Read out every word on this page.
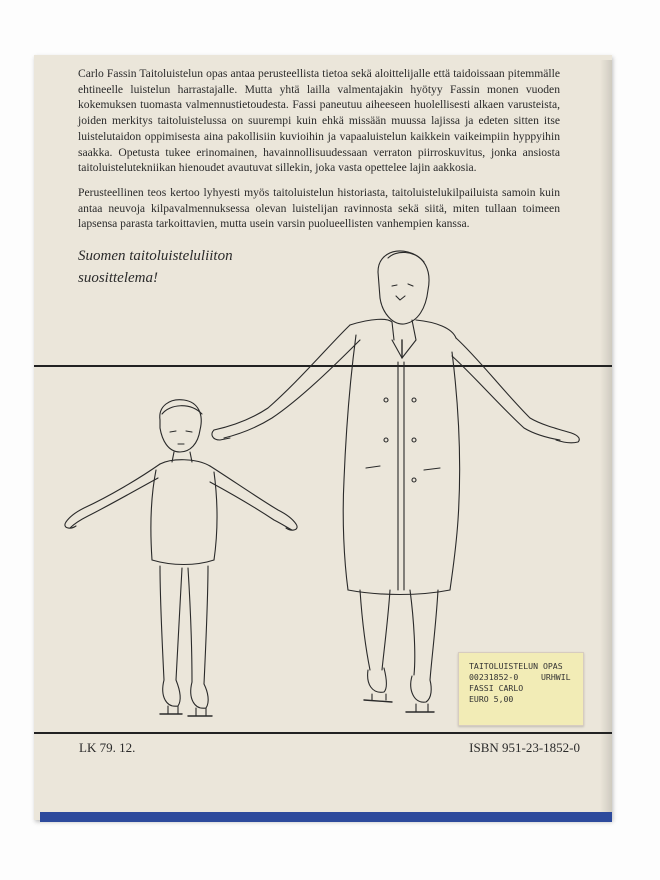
Carlo Fassin Taitoluistelun opas antaa perusteellista tietoa sekä aloittelijalle että taidoissaan pitemmälle ehtineelle luistelun harrastajalle. Mutta yhtä lailla valmentajakin hyötyy Fassin monen vuoden kokemuksen tuomasta valmennustietoudesta. Fassi paneutuu aiheeseen huolellisesti alkaen varusteista, joiden merkitys taitoluistelussa on suurempi kuin ehkä missään muussa lajissa ja edeten sitten itse luistelutaidon oppimisesta aina pakollisiin kuvioihin ja vapaaluistelun kaikkein vaikeimpiin hyppyihin saakka. Opetusta tukee erinomainen, havainnollisuudessaan verraton piirroskuvitus, jonka ansiosta taitoluistelutekniikan hienoudet avautuvat sillekin, joka vasta opettelee lajin aakkosia.

Perusteellinen teos kertoo lyhyesti myös taitoluistelun historiasta, taitoluistelukilpailuista samoin kuin antaa neuvoja kilpavalmennuksessa olevan luistelijan ravinnosta sekä siitä, miten tullaan toimeen lapsensa parasta tarkoittavien, mutta usein varsin puolueellisten vanhempien kanssa.

Suomen taitoluisteluliiton
suosittelema!

TAITOLUISTELUN OPAS
00231852-0
FASSI CARLO
EURO 5,00
URHWIL
LK 79. 12.	ISBN 951-23-1852-0
